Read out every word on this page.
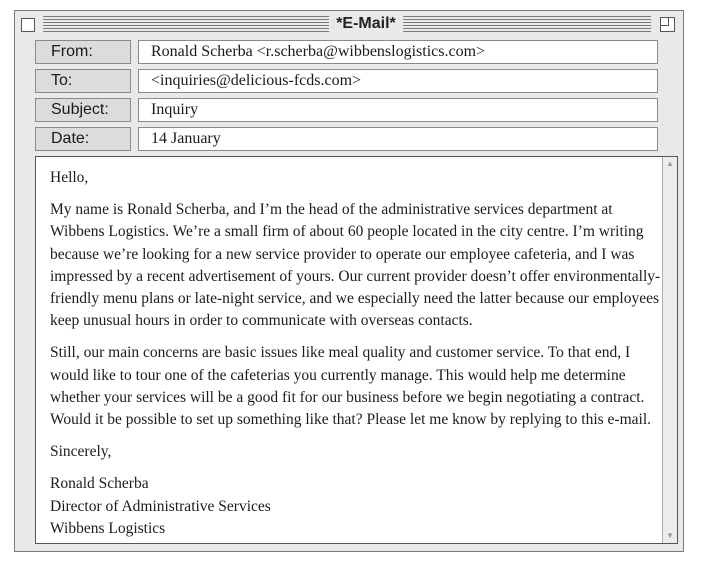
*E-Mail*
From:	Ronald Scherba <r.scherba@wibbenslogistics.com>
To:	<inquiries@delicious-fcds.com>
Subject:	Inquiry
Date:	14 January

Hello,

My name is Ronald Scherba, and I’m the head of the administrative services department at Wibbens Logistics. We’re a small firm of about 60 people located in the city centre. I’m writing because we’re looking for a new service provider to operate our employee cafeteria, and I was impressed by a recent advertisement of yours. Our current provider doesn’t offer environmentally-friendly menu plans or late-night service, and we especially need the latter because our employees keep unusual hours in order to communicate with overseas contacts.

Still, our main concerns are basic issues like meal quality and customer service. To that end, I would like to tour one of the cafeterias you currently manage. This would help me determine whether your services will be a good fit for our business before we begin negotiating a contract. Would it be possible to set up something like that? Please let me know by replying to this e-mail.

Sincerely,

Ronald Scherba
Director of Administrative Services
Wibbens Logistics
▲
▼
